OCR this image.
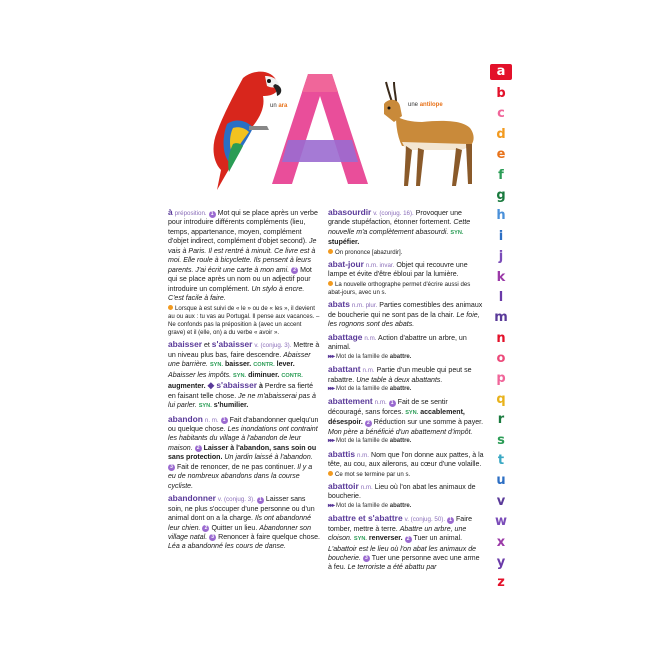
un ara	une antilope
a
b
c
d
e
f
g
h
i
j
k
l
m
n
o
p
q
r
s
t
u
v
w
x
y
z
à préposition. 1 Mot qui se place après un verbe pour introduire différents compléments (lieu, temps, appartenance, moyen, complément d'objet indirect, complément d'objet second). Je vais à Paris. Il est rentré à minuit. Ce livre est à moi. Elle roule à bicyclette. Ils pensent à leurs parents. J'ai écrit une carte à mon ami. 2 Mot qui se place après un nom ou un adjectif pour introduire un complément. Un stylo à encre. C'est facile à faire.
Lorsque à est suivi de « le » ou de « les », il devient au ou aux : tu vas au Portugal. Il pense aux vacances. – Ne confonds pas la préposition à (avec un accent grave) et il (elle, on) a du verbe « avoir ».
abaisser et s'abaisser v. (conjug. 3). Mettre à un niveau plus bas, faire descendre. Abaisser une barrière. SYN. baisser. CONTR. lever. Abaisser les impôts. SYN. diminuer. CONTR. augmenter. ◆ s'abaisser à Perdre sa fierté en faisant telle chose. Je ne m'abaisserai pas à lui parler. SYN. s'humilier.
abandon n. m. 1 Fait d'abandonner quelqu'un ou quelque chose. Les inondations ont contraint les habitants du village à l'abandon de leur maison. 2 Laisser à l'abandon, sans soin ou sans protection. Un jardin laissé à l'abandon. 3 Fait de renoncer, de ne pas continuer. Il y a eu de nombreux abandons dans la course cycliste.
abandonner v. (conjug. 3). 1 Laisser sans soin, ne plus s'occuper d'une personne ou d'un animal dont on a la charge. Ils ont abandonné leur chien. 2 Quitter un lieu. Abandonner son village natal. 3 Renoncer à faire quelque chose. Léa a abandonné les cours de danse.
abasourdir v. (conjug. 16). Provoquer une grande stupéfaction, étonner fortement. Cette nouvelle m'a complètement abasourdi. SYN. stupéfier.
On prononce [abazurdir].
abat-jour n.m. invar. Objet qui recouvre une lampe et évite d'être ébloui par la lumière.
La nouvelle orthographe permet d'écrire aussi des abat-jours, avec un s.
abats n.m. plur. Parties comestibles des animaux de boucherie qui ne sont pas de la chair. Le foie, les rognons sont des abats.
abattage n.m. Action d'abattre un arbre, un animal.
▸▸▸ Mot de la famille de abattre.
abattant n.m. Partie d'un meuble qui peut se rabattre. Une table à deux abattants.
▸▸▸ Mot de la famille de abattre.
abattement n.m. 1 Fait de se sentir découragé, sans forces. SYN. accablement, désespoir. 2 Réduction sur une somme à payer. Mon père a bénéficié d'un abattement d'impôt.
▸▸▸ Mot de la famille de abattre.
abattis n.m. Nom que l'on donne aux pattes, à la tête, au cou, aux ailerons, au cœur d'une volaille.
Ce mot se termine par un s.
abattoir n.m. Lieu où l'on abat les animaux de boucherie.
▸▸▸ Mot de la famille de abattre.
abattre et s'abattre v. (conjug. 50). 1 Faire tomber, mettre à terre. Abattre un arbre, une cloison. SYN. renverser. 2 Tuer un animal. L'abattoir est le lieu où l'on abat les animaux de boucherie. 3 Tuer une personne avec une arme à feu. Le terroriste a été abattu par
